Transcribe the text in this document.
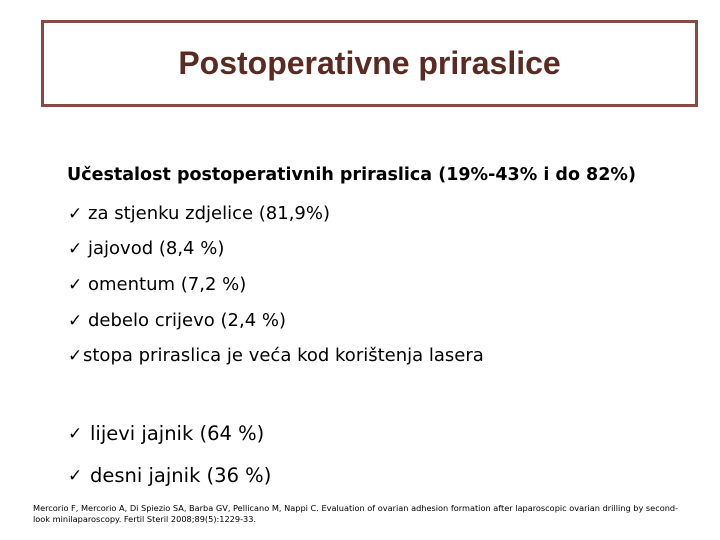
Postoperativne priraslice
Učestalost postoperativnih priraslica (19%-43% i do 82%)
✓ za stjenku zdjelice (81,9%)
✓ jajovod (8,4 %)
✓ omentum (7,2 %)
✓ debelo crijevo (2,4 %)
✓ stopa priraslica je veća kod korištenja lasera
✓ lijevi jajnik (64 %)
✓ desni jajnik (36 %)
Mercorio F, Mercorio A, Di Spiezio SA, Barba GV, Pellicano M, Nappi C. Evaluation of ovarian adhesion formation after laparoscopic ovarian drilling by second-look minilaparoscopy. Fertil Steril 2008;89(5):1229-33.
